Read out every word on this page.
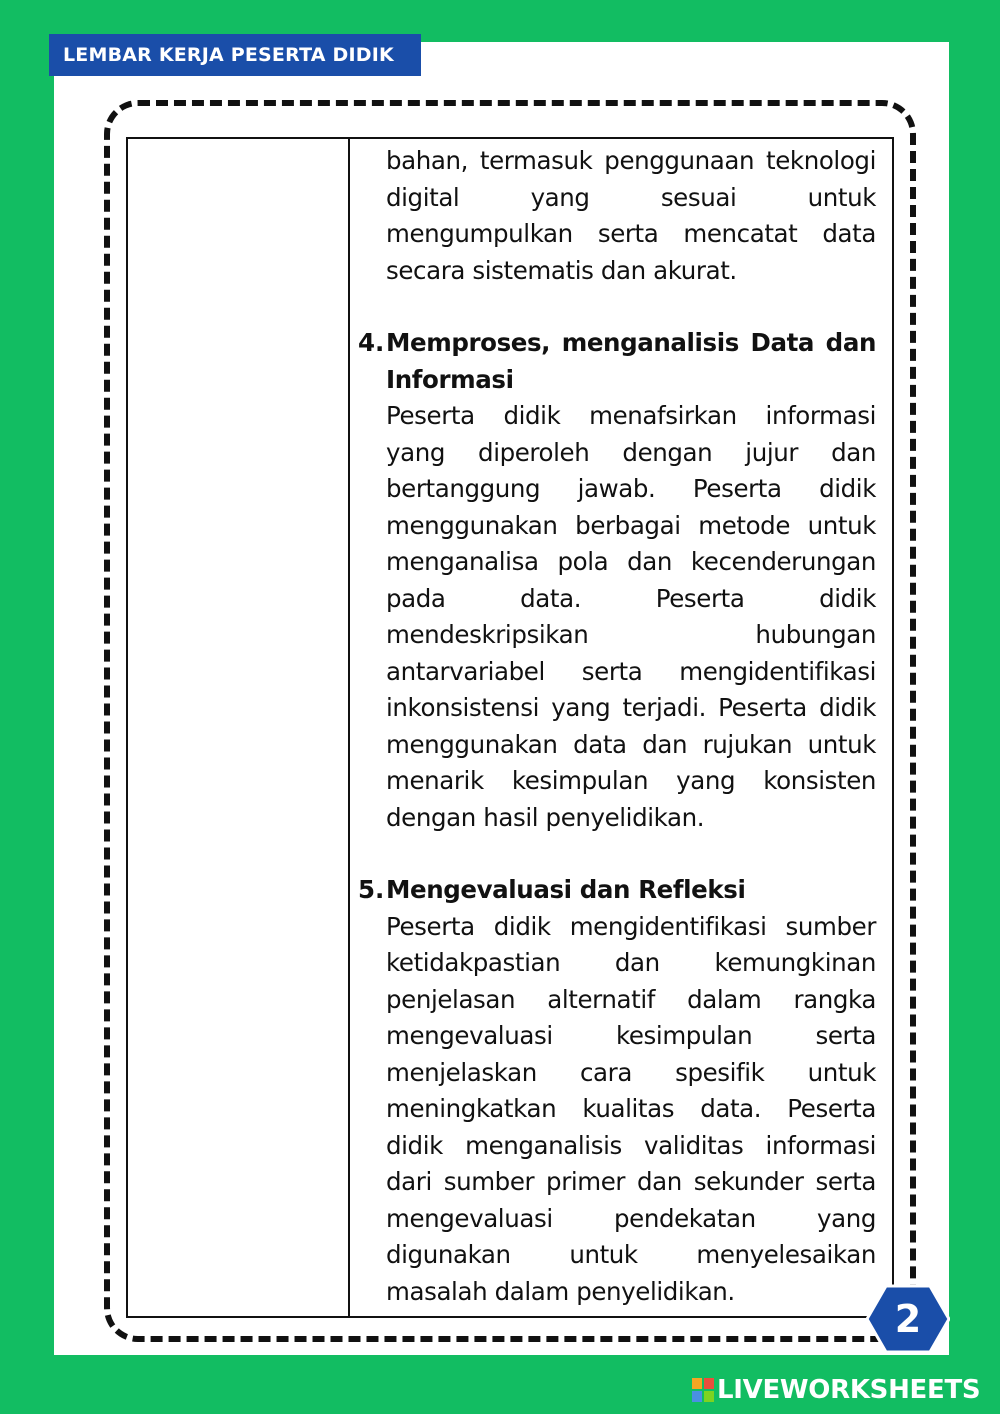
LEMBAR KERJA PESERTA DIDIK

bahan, termasuk penggunaan teknologi digital yang sesuai untuk mengumpulkan serta mencatat data secara sistematis dan akurat.

4. Memproses, menganalisis Data dan Informasi

Peserta didik menafsirkan informasi yang diperoleh dengan jujur dan bertanggung jawab. Peserta didik menggunakan berbagai metode untuk menganalisa pola dan kecenderungan pada data. Peserta didik mendeskripsikan hubungan antarvariabel serta mengidentifikasi inkonsistensi yang terjadi. Peserta didik menggunakan data dan rujukan untuk menarik kesimpulan yang konsisten dengan hasil penyelidikan.

5. Mengevaluasi dan Refleksi

Peserta didik mengidentifikasi sumber ketidakpastian dan kemungkinan penjelasan alternatif dalam rangka mengevaluasi kesimpulan serta menjelaskan cara spesifik untuk meningkatkan kualitas data. Peserta didik menganalisis validitas informasi dari sumber primer dan sekunder serta mengevaluasi pendekatan yang digunakan untuk menyelesaikan masalah dalam penyelidikan.

2
LIVEWORKSHEETS
